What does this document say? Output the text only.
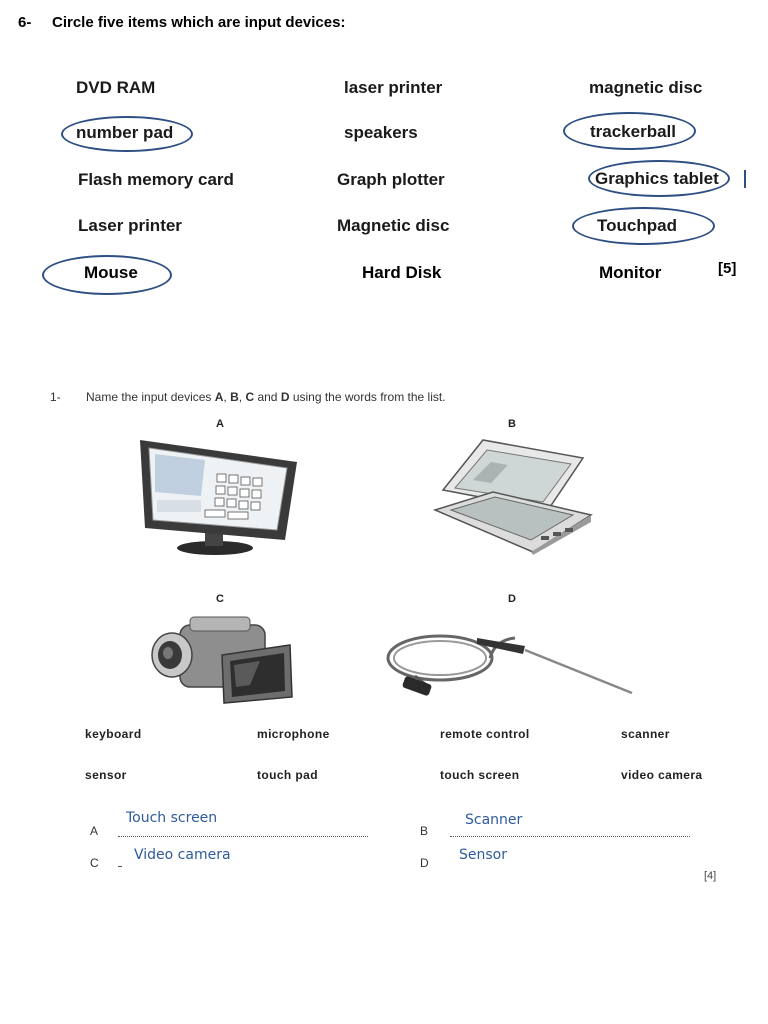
6- Circle five items which are input devices:
DVD RAM	laser printer	magnetic disc
number pad	speakers	trackerball
Flash memory card	Graph plotter	Graphics tablet
Laser printer	Magnetic disc	Touchpad
Mouse	Hard Disk	Monitor	[5]
1- Name the input devices A, B, C and D using the words from the list.
A	B
C	D
keyboard	microphone	remote control	scanner
sensor	touch pad	touch screen	video camera
A
Touch screen
B
Scanner
C	Video camera	D Sensor
[4]
